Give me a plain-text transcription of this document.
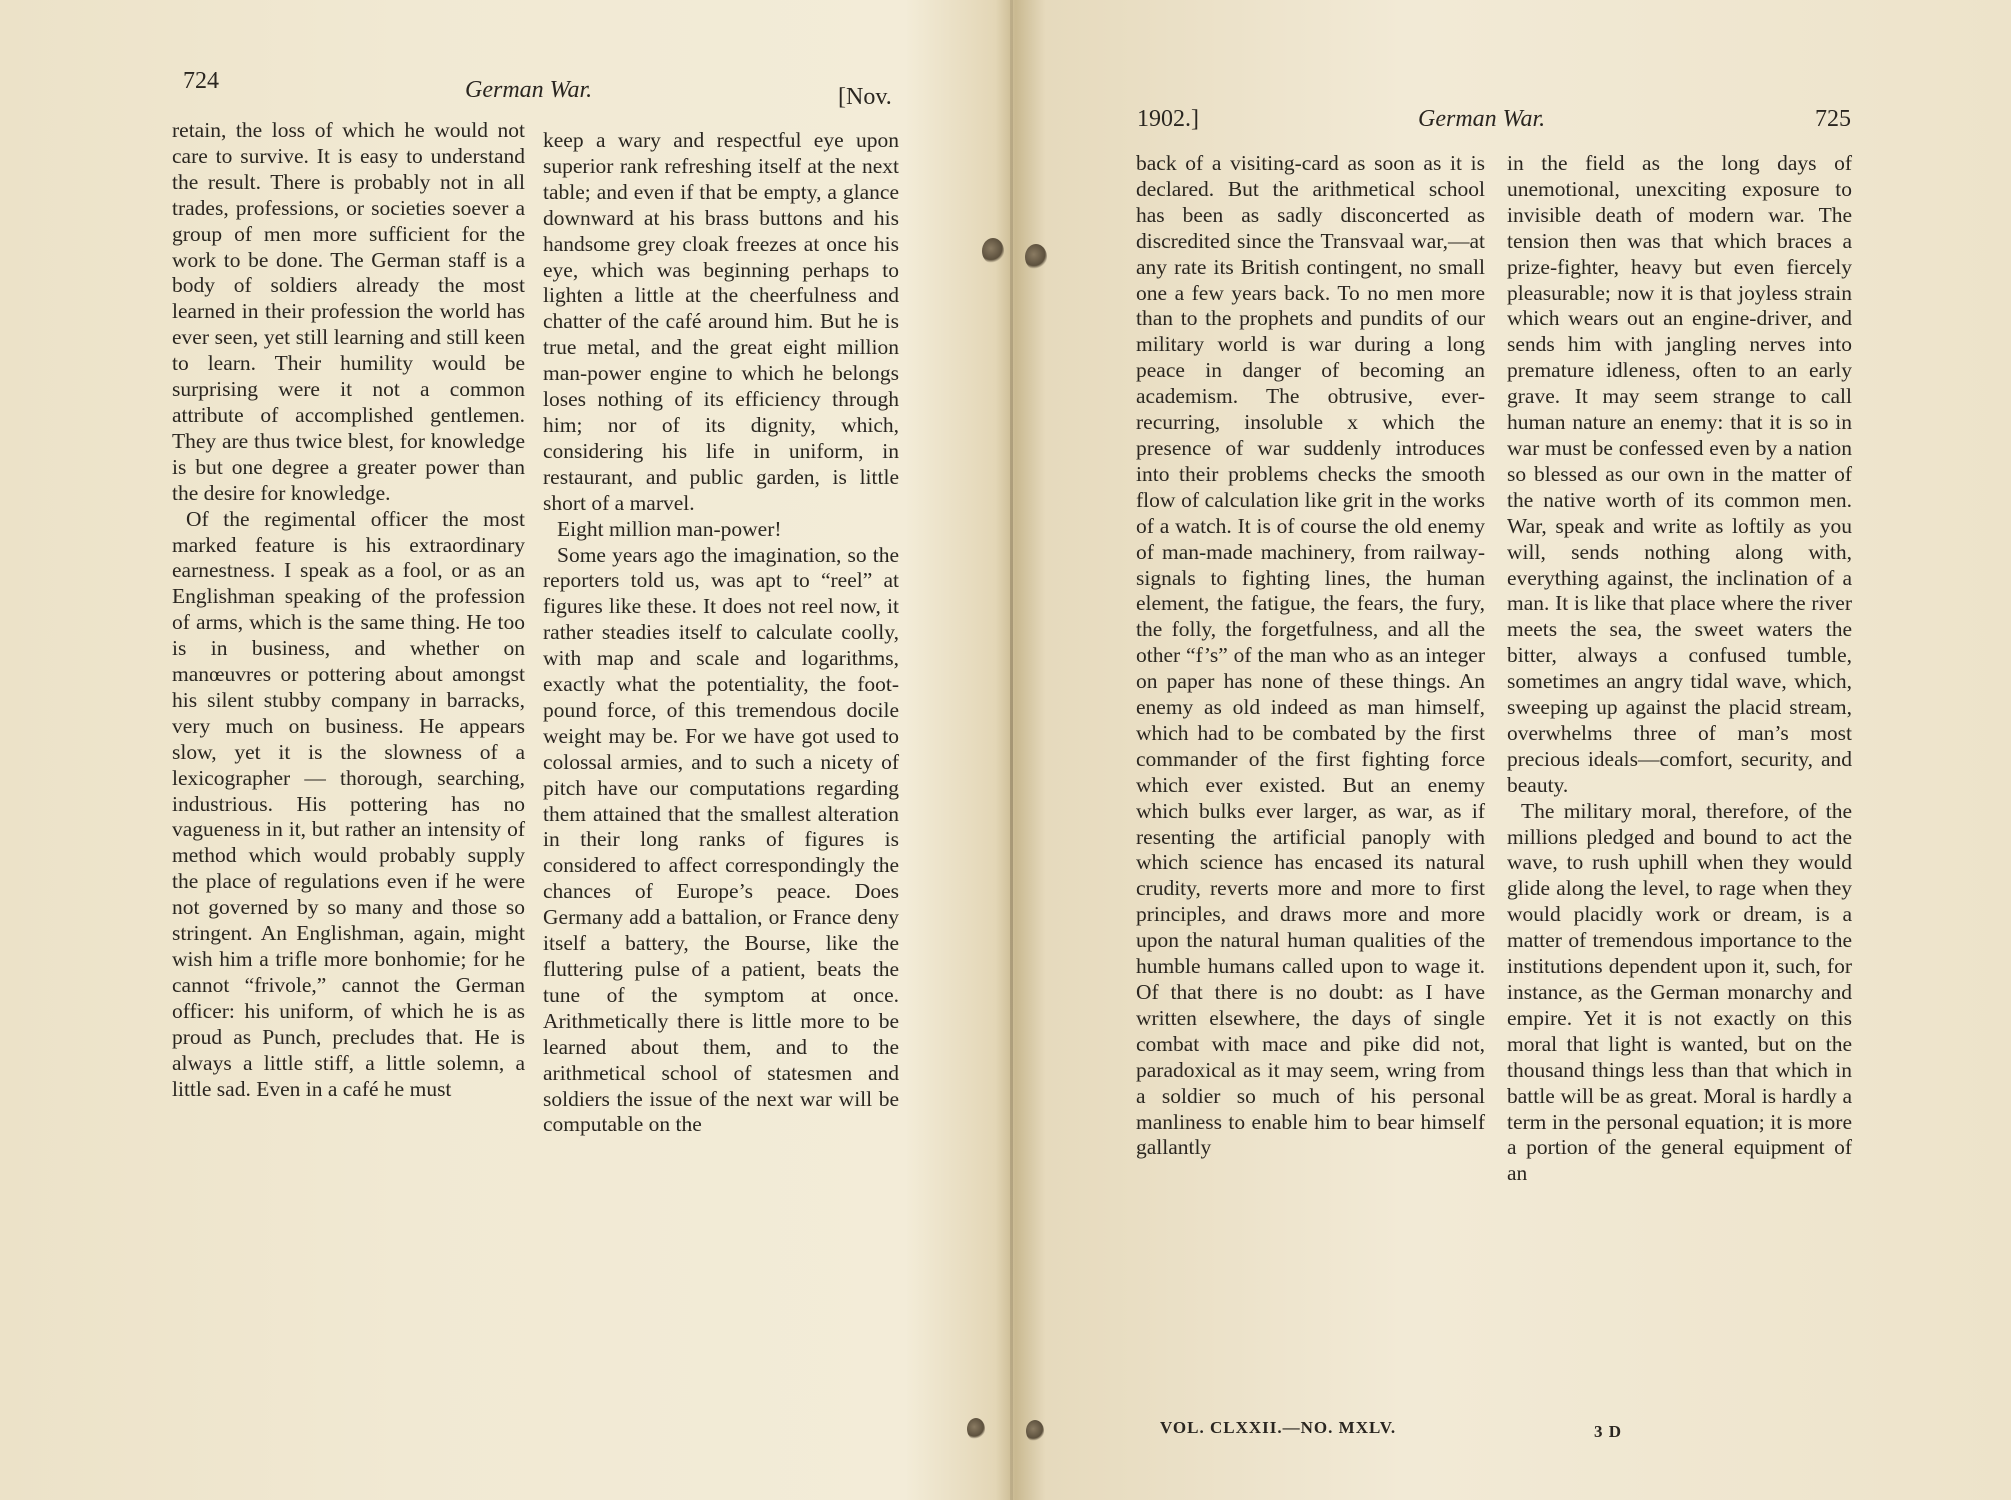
724	German War.	[Nov.

retain, the loss of which he would not care to survive. It is easy to understand the result. There is probably not in all trades, professions, or societies soever a group of men more sufficient for the work to be done. The German staff is a body of soldiers already the most learned in their profession the world has ever seen, yet still learning and still keen to learn. Their humility would be surprising were it not a common attribute of accomplished gentlemen. They are thus twice blest, for knowledge is but one degree a greater power than the desire for knowledge.

Of the regimental officer the most marked feature is his extraordinary earnestness. I speak as a fool, or as an Englishman speaking of the profession of arms, which is the same thing. He too is in business, and whether on manœuvres or pottering about amongst his silent stubby company in barracks, very much on business. He appears slow, yet it is the slowness of a lexicographer — thorough, searching, industrious. His pottering has no vagueness in it, but rather an intensity of method which would probably supply the place of regulations even if he were not governed by so many and those so stringent. An Englishman, again, might wish him a trifle more bonhomie; for he cannot “frivole,” cannot the German officer: his uniform, of which he is as proud as Punch, precludes that. He is always a little stiff, a little solemn, a little sad. Even in a café he must

keep a wary and respectful eye upon superior rank refreshing itself at the next table; and even if that be empty, a glance downward at his brass buttons and his handsome grey cloak freezes at once his eye, which was beginning perhaps to lighten a little at the cheerfulness and chatter of the café around him. But he is true metal, and the great eight million man-power engine to which he belongs loses nothing of its efficiency through him; nor of its dignity, which, considering his life in uniform, in restaurant, and public garden, is little short of a marvel.

Eight million man-power!

Some years ago the imagination, so the reporters told us, was apt to “reel” at figures like these. It does not reel now, it rather steadies itself to calculate coolly, with map and scale and logarithms, exactly what the potentiality, the foot-pound force, of this tremendous docile weight may be. For we have got used to colossal armies, and to such a nicety of pitch have our computations regarding them attained that the smallest alteration in their long ranks of figures is considered to affect correspondingly the chances of Europe’s peace. Does Germany add a battalion, or France deny itself a battery, the Bourse, like the fluttering pulse of a patient, beats the tune of the symptom at once. Arithmetically there is little more to be learned about them, and to the arithmetical school of statesmen and soldiers the issue of the next war will be computable on the

1902.]	German War.	725

back of a visiting-card as soon as it is declared. But the arithmetical school has been as sadly disconcerted as discredited since the Transvaal war,—at any rate its British contingent, no small one a few years back. To no men more than to the prophets and pundits of our military world is war during a long peace in danger of becoming an academism. The obtrusive, ever-recurring, insoluble x which the presence of war suddenly introduces into their problems checks the smooth flow of calculation like grit in the works of a watch. It is of course the old enemy of man-made machinery, from railway-signals to fighting lines, the human element, the fatigue, the fears, the fury, the folly, the forgetfulness, and all the other “f’s” of the man who as an integer on paper has none of these things. An enemy as old indeed as man himself, which had to be combated by the first commander of the first fighting force which ever existed. But an enemy which bulks ever larger, as war, as if resenting the artificial panoply with which science has encased its natural crudity, reverts more and more to first principles, and draws more and more upon the natural human qualities of the humble humans called upon to wage it. Of that there is no doubt: as I have written elsewhere, the days of single combat with mace and pike did not, paradoxical as it may seem, wring from a soldier so much of his personal manliness to enable him to bear himself gallantly

in the field as the long days of unemotional, unexciting exposure to invisible death of modern war. The tension then was that which braces a prize-fighter, heavy but even fiercely pleasurable; now it is that joyless strain which wears out an engine-driver, and sends him with jangling nerves into premature idleness, often to an early grave. It may seem strange to call human nature an enemy: that it is so in war must be confessed even by a nation so blessed as our own in the matter of the native worth of its common men. War, speak and write as loftily as you will, sends nothing along with, everything against, the inclination of a man. It is like that place where the river meets the sea, the sweet waters the bitter, always a confused tumble, sometimes an angry tidal wave, which, sweeping up against the placid stream, overwhelms three of man’s most precious ideals—comfort, security, and beauty.

The military moral, therefore, of the millions pledged and bound to act the wave, to rush uphill when they would glide along the level, to rage when they would placidly work or dream, is a matter of tremendous importance to the institutions dependent upon it, such, for instance, as the German monarchy and empire. Yet it is not exactly on this moral that light is wanted, but on the thousand things less than that which in battle will be as great. Moral is hardly a term in the personal equation; it is more a portion of the general equipment of an

VOL. CLXXII.—NO. MXLV.	3 D
